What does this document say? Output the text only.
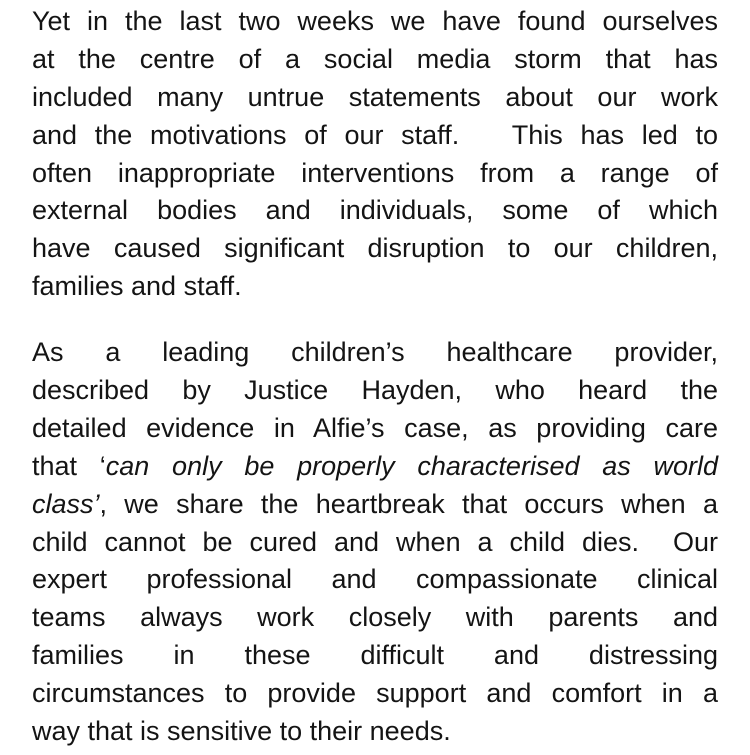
Yet in the last two weeks we have found ourselves
at the centre of a social media storm that has
included many untrue statements about our work
and the motivations of our staff.   This has led to
often inappropriate interventions from a range of
external bodies and individuals, some of which
have caused significant disruption to our children,
families and staff.
As a leading children’s healthcare provider,
described by Justice Hayden, who heard the
detailed evidence in Alfie’s case, as providing care
that ‘can only be properly characterised as world
class’, we share the heartbreak that occurs when a
child cannot be cured and when a child dies.  Our
expert professional and compassionate clinical
teams always work closely with parents and
families in these difficult and distressing
circumstances to provide support and comfort in a
way that is sensitive to their needs.
